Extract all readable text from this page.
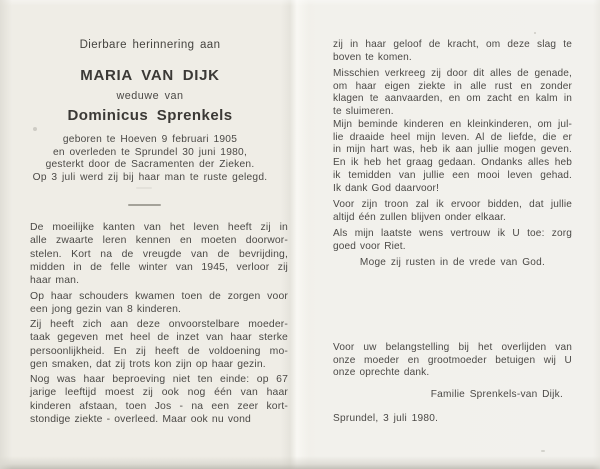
Dierbare herinnering aan
MARIA VAN DIJK
weduwe van
Dominicus Sprenkels
geboren te Hoeven 9 februari 1905
en overleden te Sprundel 30 juni 1980,
gesterkt door de Sacramenten der Zieken.
Op 3 juli werd zij bij haar man te ruste gelegd.
De moeilijke kanten van het leven heeft zij in
alle zwaarte leren kennen en moeten doorwor-
stelen. Kort na de vreugde van de bevrijding,
midden in de felle winter van 1945, verloor zij
haar man.
Op haar schouders kwamen toen de zorgen voor
een jong gezin van 8 kinderen.
Zij heeft zich aan deze onvoorstelbare moeder-
taak gegeven met heel de inzet van haar sterke
persoonlijkheid. En zij heeft de voldoening mo-
gen smaken, dat zij trots kon zijn op haar gezin.
Nog was haar beproeving niet ten einde: op 67
jarige leeftijd moest zij ook nog één van haar
kinderen afstaan, toen Jos - na een zeer kort-
stondige ziekte - overleed. Maar ook nu vond
zij in haar geloof de kracht, om deze slag te
boven te komen.
Misschien verkreeg zij door dit alles de genade,
om haar eigen ziekte in alle rust en zonder
klagen te aanvaarden, en om zacht en kalm in
te sluimeren.
Mijn beminde kinderen en kleinkinderen, om jul-
lie draaide heel mijn leven. Al de liefde, die er
in mijn hart was, heb ik aan jullie mogen geven.
En ik heb het graag gedaan. Ondanks alles heb
ik temidden van jullie een mooi leven gehad.
Ik dank God daarvoor!
Voor zijn troon zal ik ervoor bidden, dat jullie
altijd één zullen blijven onder elkaar.
Als mijn laatste wens vertrouw ik U toe: zorg
goed voor Riet.
Moge zij rusten in de vrede van God.
Voor uw belangstelling bij het overlijden van
onze moeder en grootmoeder betuigen wij U
onze oprechte dank.
Familie Sprenkels-van Dijk.
Sprundel, 3 juli 1980.
